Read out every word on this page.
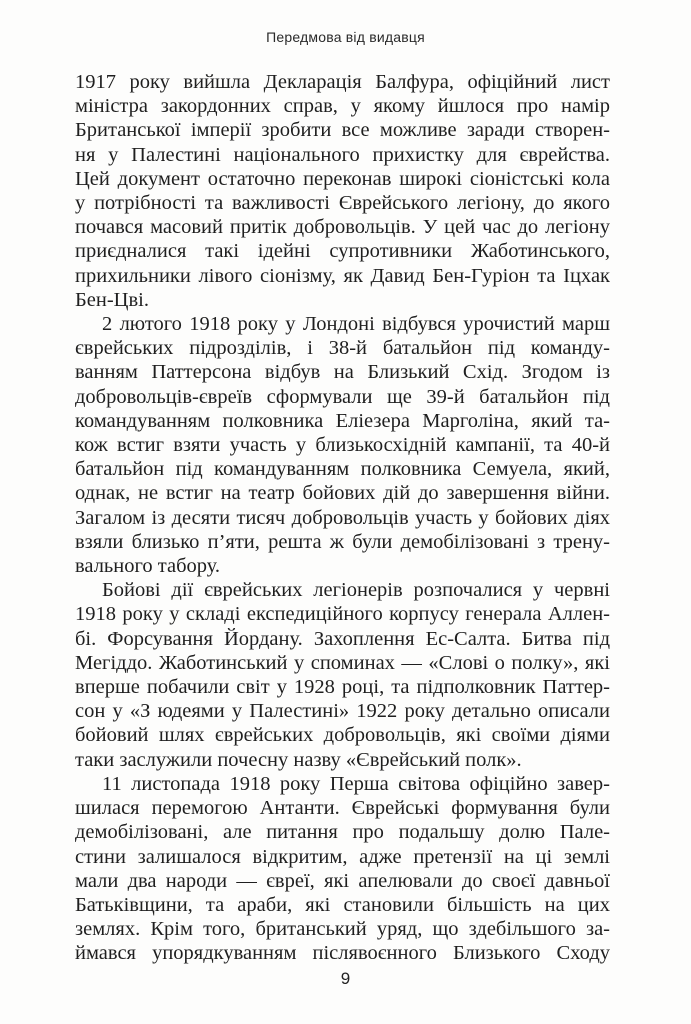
Передмова від видавця

1917 року вийшла Декларація Балфура, офіційний лист
міністра закордонних справ, у якому йшлося про намір
Британської імперії зробити все можливе заради створен-
ня у Палестині національного прихистку для єврейства.
Цей документ остаточно переконав широкі сіоністські кола
у потрібності та важливості Єврейського легіону, до якого
почався масовий притік добровольців. У цей час до легіону
приєдналися такі ідейні супротивники Жаботинського,
прихильники лівого сіонізму, як Давид Бен-Гуріон та Іцхак
Бен-Цві.

2 лютого 1918 року у Лондоні відбувся урочистий марш
єврейських підрозділів, і 38-й батальйон під команду-
ванням Паттерсона відбув на Близький Схід. Згодом із
добровольців-євреїв сформували ще 39-й батальйон під
командуванням полковника Еліезера Марголіна, який та-
кож встиг взяти участь у близькосхідній кампанії, та 40-й
батальйон під командуванням полковника Семуела, який,
однак, не встиг на театр бойових дій до завершення війни.
Загалом із десяти тисяч добровольців участь у бойових діях
взяли близько п’яти, решта ж були демобілізовані з трену-
вального табору.

Бойові дії єврейських легіонерів розпочалися у червні
1918 року у складі експедиційного корпусу генерала Аллен-
бі. Форсування Йордану. Захоплення Ес-Салта. Битва під
Мегіддо. Жаботинський у споминах — «Слові о полку», які
вперше побачили світ у 1928 році, та підполковник Паттер-
сон у «З юдеями у Палестині» 1922 року детально описали
бойовий шлях єврейських добровольців, які своїми діями
таки заслужили почесну назву «Єврейський полк».

11 листопада 1918 року Перша світова офіційно завер-
шилася перемогою Антанти. Єврейські формування були
демобілізовані, але питання про подальшу долю Пале-
стини залишалося відкритим, адже претензії на ці землі
мали два народи — євреї, які апелювали до своєї давньої
Батьківщини, та араби, які становили більшість на цих
землях. Крім того, британський уряд, що здебільшого за-
ймався упорядкуванням післявоєнного Близького Сходу

9
